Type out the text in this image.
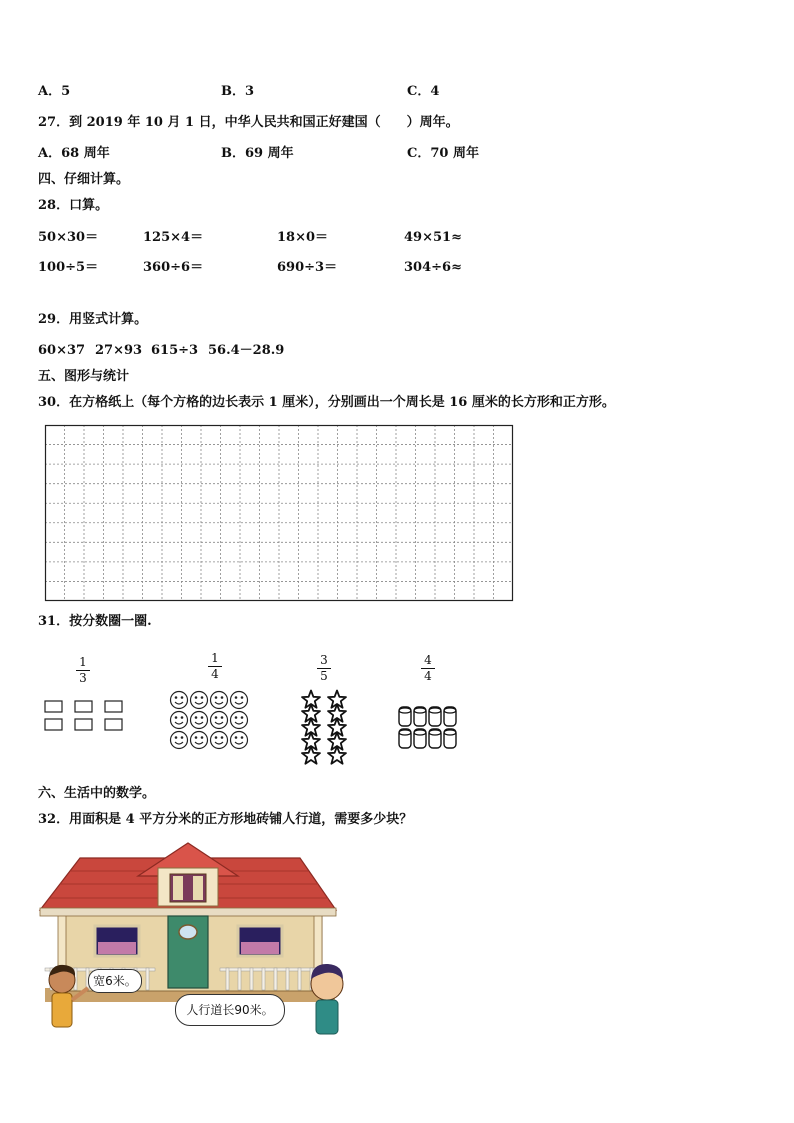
A．5	B．3	C．4
27．到 2019 年 10 月 1 日，中华人民共和国正好建国（　　）周年。
A．68 周年	B．69 周年	C．70 周年
四、仔细计算。
28．口算。
50×30＝	125×4＝	18×0＝	49×51≈
100÷5＝	360÷6＝	690÷3＝	304÷6≈
29．用竖式计算。
60×37 27×93 615÷3 56.4－28.9
五、图形与统计
30．在方格纸上（每个方格的边长表示 1 厘米），分别画出一个周长是 16 厘米的长方形和正方形。
31．按分数圈一圈.
1
3
1
4
3
5
4
4
六、生活中的数学。
32．用面积是 4 平方分米的正方形地砖铺人行道，需要多少块？
宽6米。
人行道长90米。
